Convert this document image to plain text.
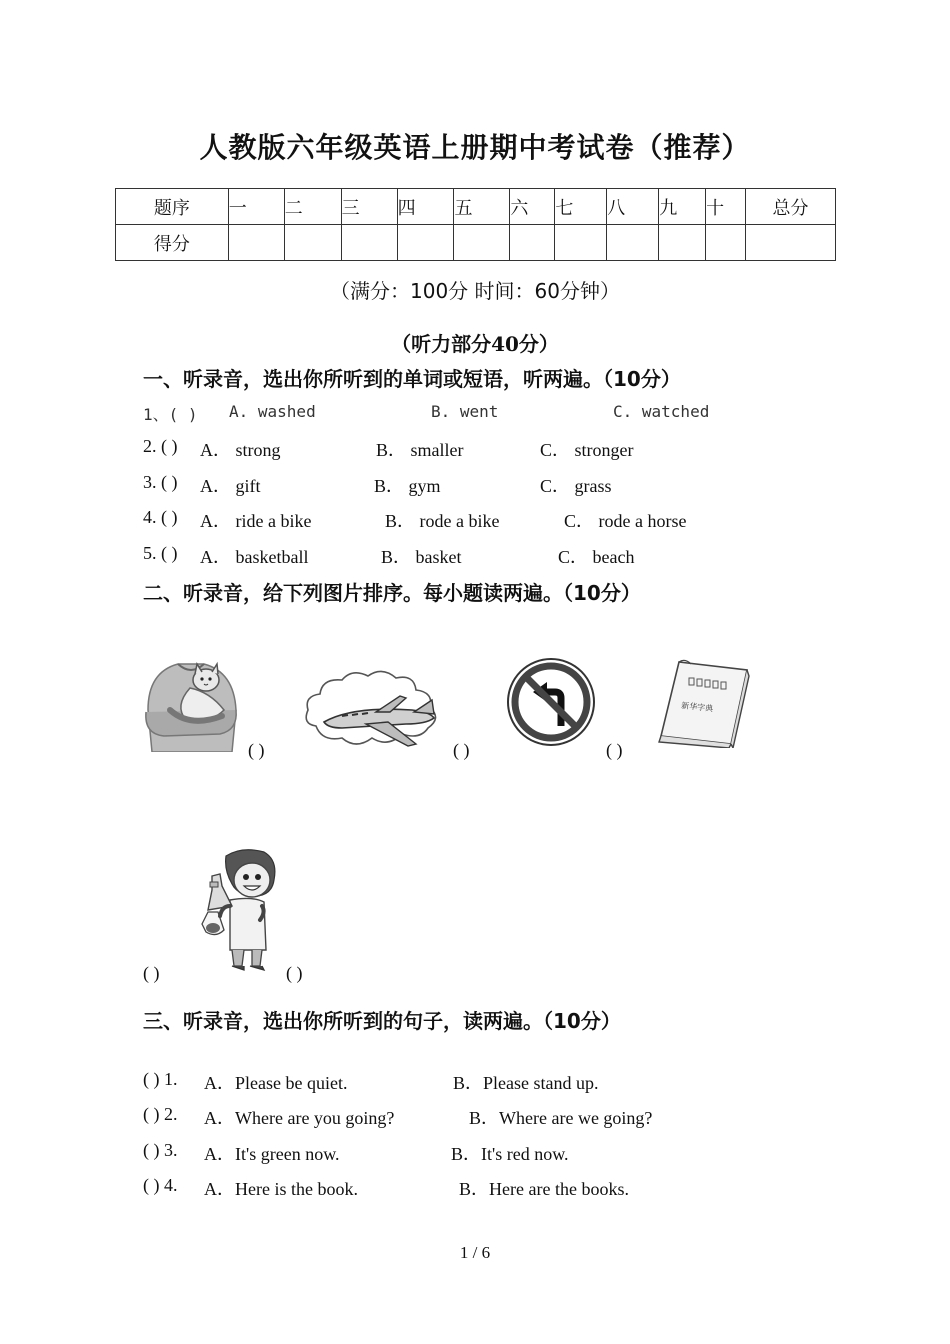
人教版六年级英语上册期中考试卷（推荐）
题序	一	二	三	四	五	六	七	八	九	十	总分
得分											
（满分：100分 时间：60分钟）
（听力部分40分）
一、听录音，选出你所听到的单词或短语，听两遍。（10分）
1、( ) A. washed	B. went	C. watched
2. ( ) A． strong	B． smaller	C． stronger
3. ( ) A． gift	B． gym	C． grass
4. ( ) A． ride a bike	B． rode a bike	C． rode a horse
5. ( ) A． basketball	B． basket	C． beach
二、听录音，给下列图片排序。每小题读两遍。（10分）
( )	( )	( )
新华字典
( )	( )
三、听录音，选出你所听到的句子，读两遍。（10分）
( ) 1. A．Please be quiet.	B．Please stand up.
( ) 2. A．Where are you going?	B．Where are we going?
( ) 3. A．It's green now.	B．It's red now.
( ) 4. A．Here is the book.	B．Here are the books.
1 / 6
